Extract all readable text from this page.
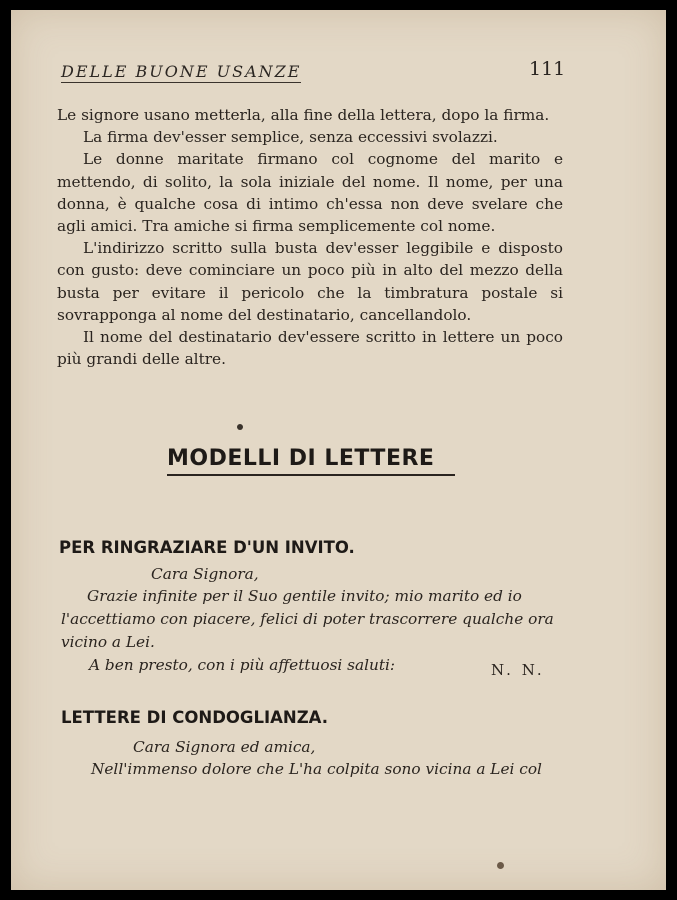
DELLE BUONE USANZE	111

Le signore usano metterla, alla fine della lettera, dopo la firma.

La firma dev'esser semplice, senza eccessivi svolazzi.

Le donne maritate firmano col cognome del marito e mettendo, di solito, la sola iniziale del nome. Il nome, per una donna, è qualche cosa di intimo ch'essa non deve svelare che agli amici. Tra amiche si firma semplicemente col nome.

L'indirizzo scritto sulla busta dev'esser leggibile e disposto con gusto: deve cominciare un poco più in alto del mezzo della busta per evitare il pericolo che la timbratura postale si sovrapponga al nome del destinatario, cancellandolo.

Il nome del destinatario dev'essere scritto in lettere un poco più grandi delle altre.

MODELLI DI LETTERE
PER RINGRAZIARE D'UN INVITO.
Cara Signora,
Grazie infinite per il Suo gentile invito; mio marito ed io
l'accettiamo con piacere, felici di poter trascorrere qualche ora
vicino a Lei.
A ben presto, con i più affettuosi saluti:	N. N.
LETTERE DI CONDOGLIANZA.
Cara Signora ed amica,
Nell'immenso dolore che L'ha colpita sono vicina a Lei col
